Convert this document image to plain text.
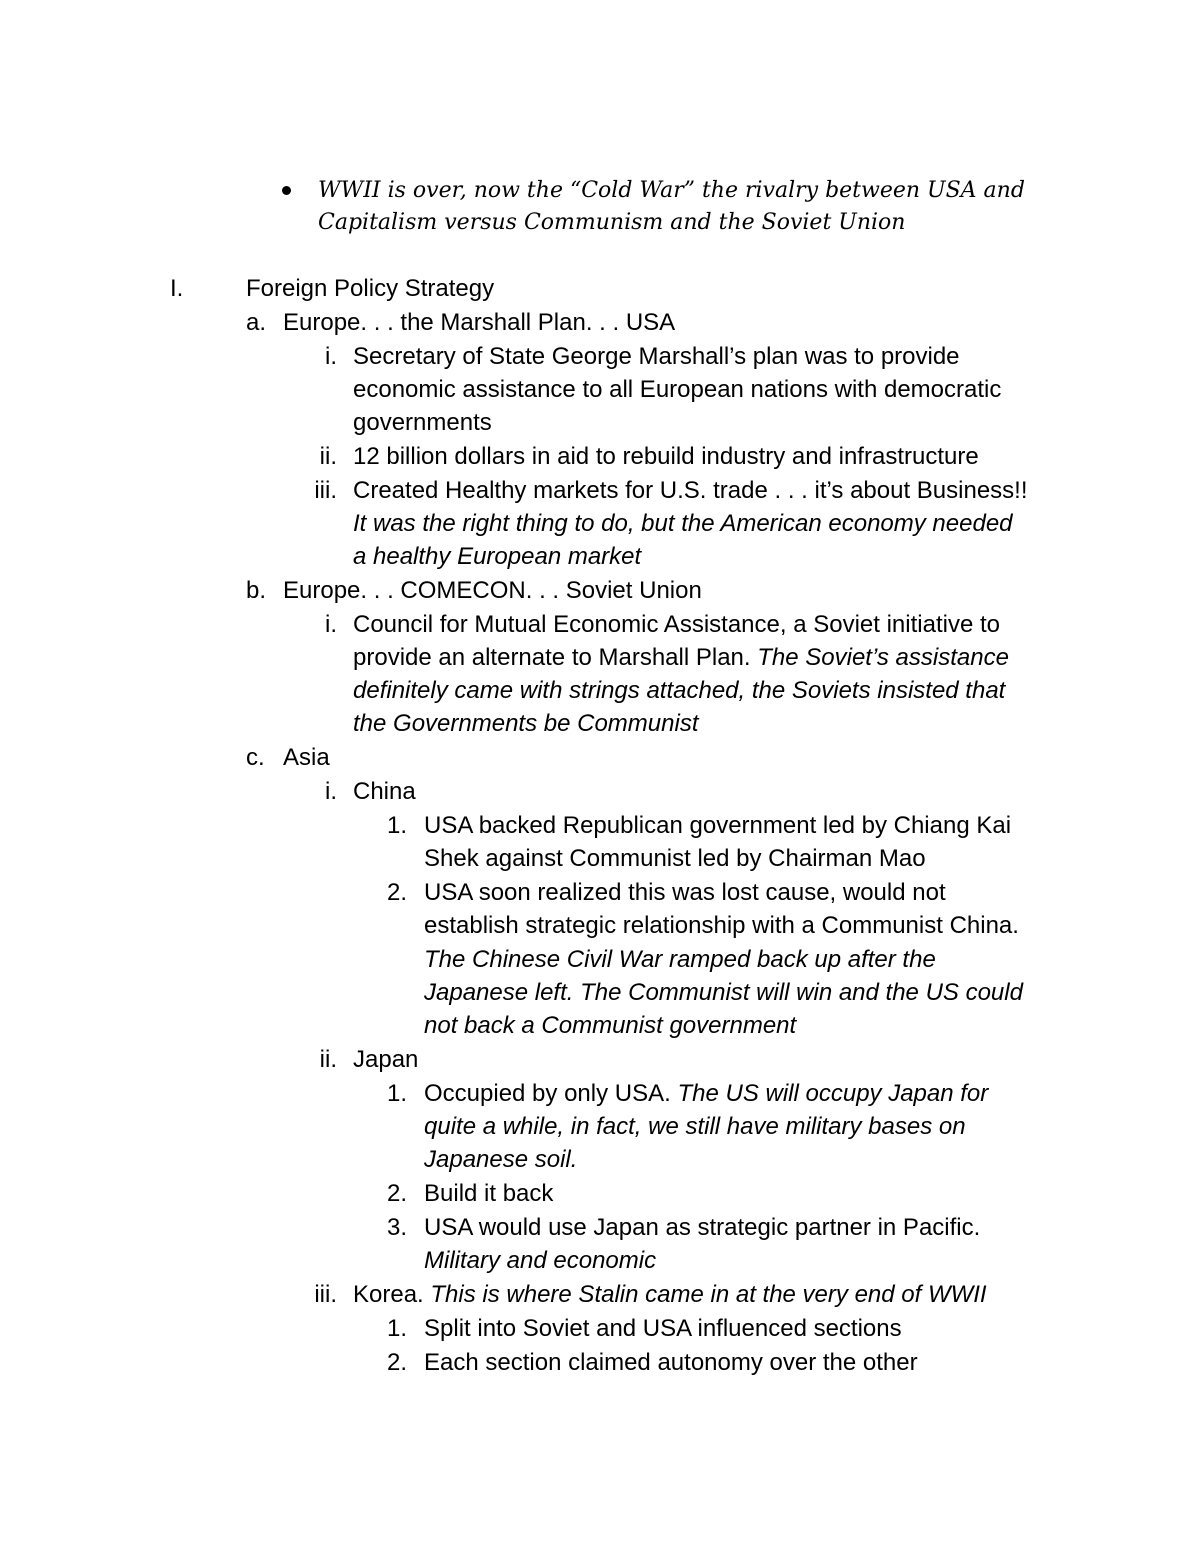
WWII is over, now the “Cold War” the rivalry between USA and
Capitalism versus Communism and the Soviet Union
I.	Foreign Policy Strategy
a. Europe. . . the Marshall Plan. . . USA
i. Secretary of State George Marshall’s plan was to provide
economic assistance to all European nations with democratic
governments
ii. 12 billion dollars in aid to rebuild industry and infrastructure
iii. Created Healthy markets for U.S. trade . . . it’s about Business!!
It was the right thing to do, but the American economy needed
a healthy European market
b. Europe. . . COMECON. . . Soviet Union
i. Council for Mutual Economic Assistance, a Soviet initiative to
provide an alternate to Marshall Plan. The Soviet’s assistance
definitely came with strings attached, the Soviets insisted that
the Governments be Communist
c. Asia
i. China
1. USA backed Republican government led by Chiang Kai
Shek against Communist led by Chairman Mao
2. USA soon realized this was lost cause, would not
establish strategic relationship with a Communist China.
The Chinese Civil War ramped back up after the
Japanese left. The Communist will win and the US could
not back a Communist government
ii. Japan
1. Occupied by only USA. The US will occupy Japan for
quite a while, in fact, we still have military bases on
Japanese soil.
2. Build it back
3. USA would use Japan as strategic partner in Pacific.
Military and economic
iii. Korea. This is where Stalin came in at the very end of WWII
1. Split into Soviet and USA influenced sections
2. Each section claimed autonomy over the other
